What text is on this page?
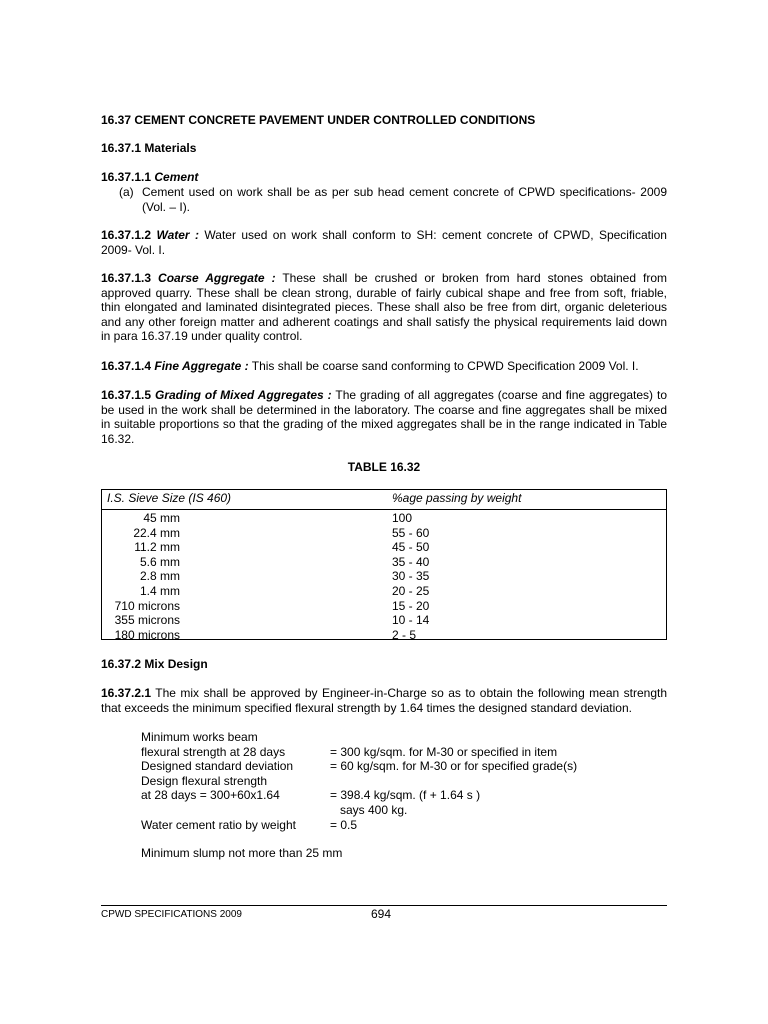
16.37 CEMENT CONCRETE PAVEMENT UNDER CONTROLLED CONDITIONS
16.37.1 Materials
16.37.1.1 Cement
(a) Cement used on work shall be as per sub head cement concrete of CPWD specifications- 2009 (Vol. – I).
16.37.1.2 Water : Water used on work shall conform to SH: cement concrete of CPWD, Specification 2009- Vol. I.
16.37.1.3 Coarse Aggregate : These shall be crushed or broken from hard stones obtained from approved quarry. These shall be clean strong, durable of fairly cubical shape and free from soft, friable, thin elongated and laminated disintegrated pieces. These shall also be free from dirt, organic deleterious and any other foreign matter and adherent coatings and shall satisfy the physical requirements laid down in para 16.37.19 under quality control.
16.37.1.4 Fine Aggregate : This shall be coarse sand conforming to CPWD Specification 2009 Vol. I.
16.37.1.5 Grading of Mixed Aggregates : The grading of all aggregates (coarse and fine aggregates) to be used in the work shall be determined in the laboratory. The coarse and fine aggregates shall be mixed in suitable proportions so that the grading of the mixed aggregates shall be in the range indicated in Table 16.32.
TABLE 16.32
I.S. Sieve Size (IS 460)	%age passing by weight
45 mm	100
22.4 mm	55 - 60
11.2 mm	45 - 50
5.6 mm	35 - 40
2.8 mm	30 - 35
1.4 mm	20 - 25
710 microns	15 - 20
355 microns	10 - 14
180 microns	2 - 5
16.37.2 Mix Design
16.37.2.1 The mix shall be approved by Engineer-in-Charge so as to obtain the following mean strength that exceeds the minimum specified flexural strength by 1.64 times the designed standard deviation.
Minimum works beam
flexural strength at 28 days	= 300 kg/sqm. for M-30 or specified in item
Designed standard deviation	= 60 kg/sqm. for M-30 or for specified grade(s)
Design flexural strength
at 28 days = 300+60x1.64	= 398.4 kg/sqm. (f + 1.64 s )
says 400 kg.
Water cement ratio by weight	= 0.5
Minimum slump not more than 25 mm
CPWD SPECIFICATIONS 2009	694
